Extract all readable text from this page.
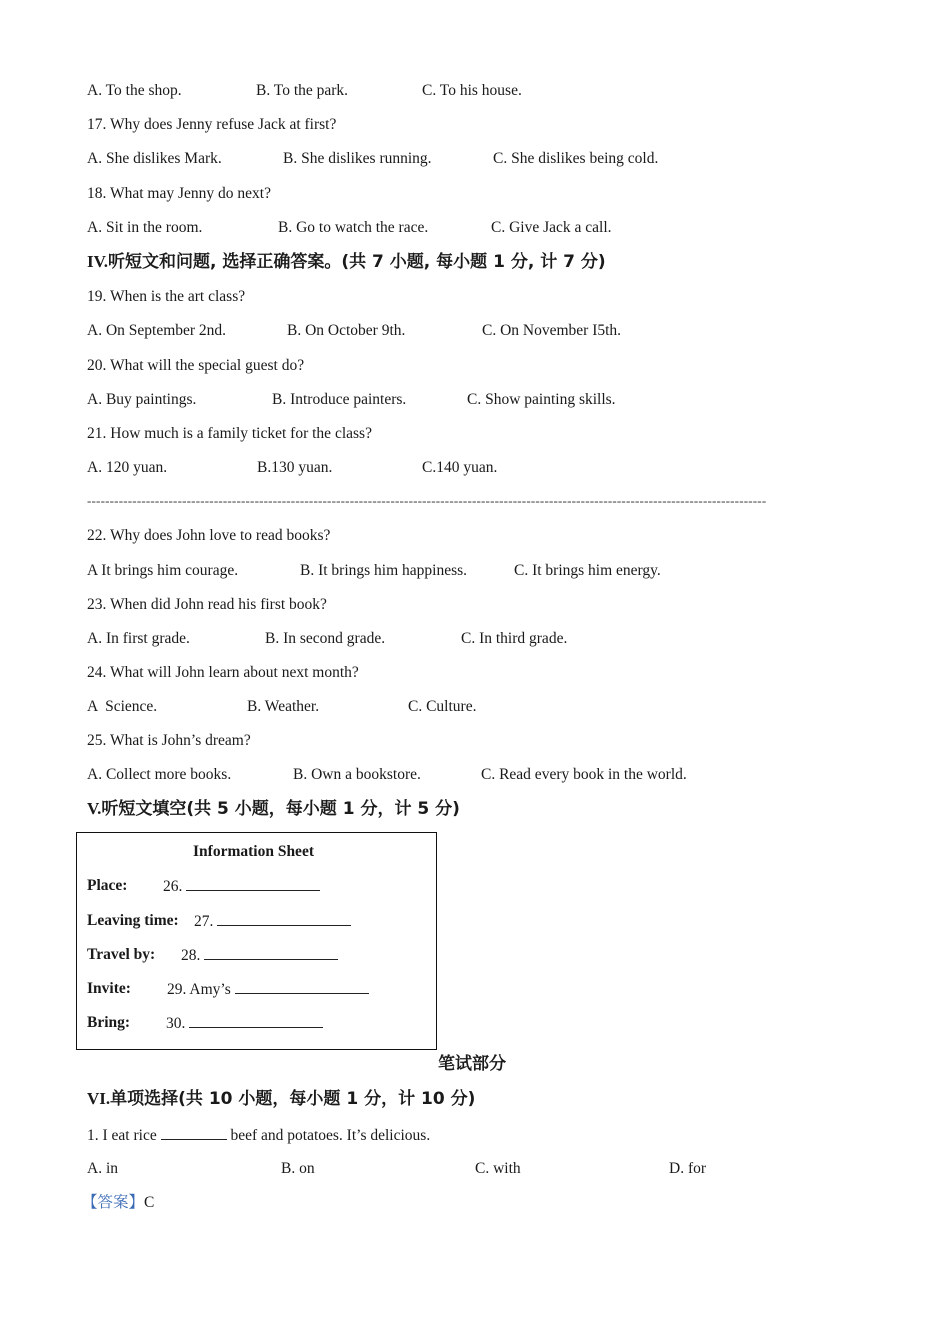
A. To the shop.	B. To the park.	C. To his house.
17. Why does Jenny refuse Jack at first?
A. She dislikes Mark.	B. She dislikes running.	C. She dislikes being cold.
18. What may Jenny do next?
A. Sit in the room.	B. Go to watch the race.	C. Give Jack a call.
IV.听短文和问题, 选择正确答案。(共 7 小题, 每小题 1 分, 计 7 分)
19. When is the art class?
A. On September 2nd.	B. On October 9th.	C. On November I5th.
20. What will the special guest do?
A. Buy paintings.	B. Introduce painters.	C. Show painting skills.
21. How much is a family ticket for the class?
A. 120 yuan.	B.130 yuan.	C.140 yuan.
------------------------------------------------------------------------------------------------------------------------------------------------------
22. Why does John love to read books?
A It brings him courage.	B. It brings him happiness.	C. It brings him energy.
23. When did John read his first book?
A. In first grade.	B. In second grade.	C. In third grade.
24. What will John learn about next month?
A  Science.	B. Weather.	C. Culture.
25. What is John’s dream?
A. Collect more books.	B. Own a bookstore.	C. Read every book in the world.
V.听短文填空(共 5 小题，每小题 1 分，计 5 分)
Information Sheet
Place: 26.
Leaving time: 27.
Travel by: 28.
Invite: 29. Amy’s
Bring: 30.
笔试部分
VI.单项选择(共 10 小题，每小题 1 分，计 10 分)
1. I eat rice	beef and potatoes. It’s delicious.
A. in	B. on	C. with	D. for
【答案】C
